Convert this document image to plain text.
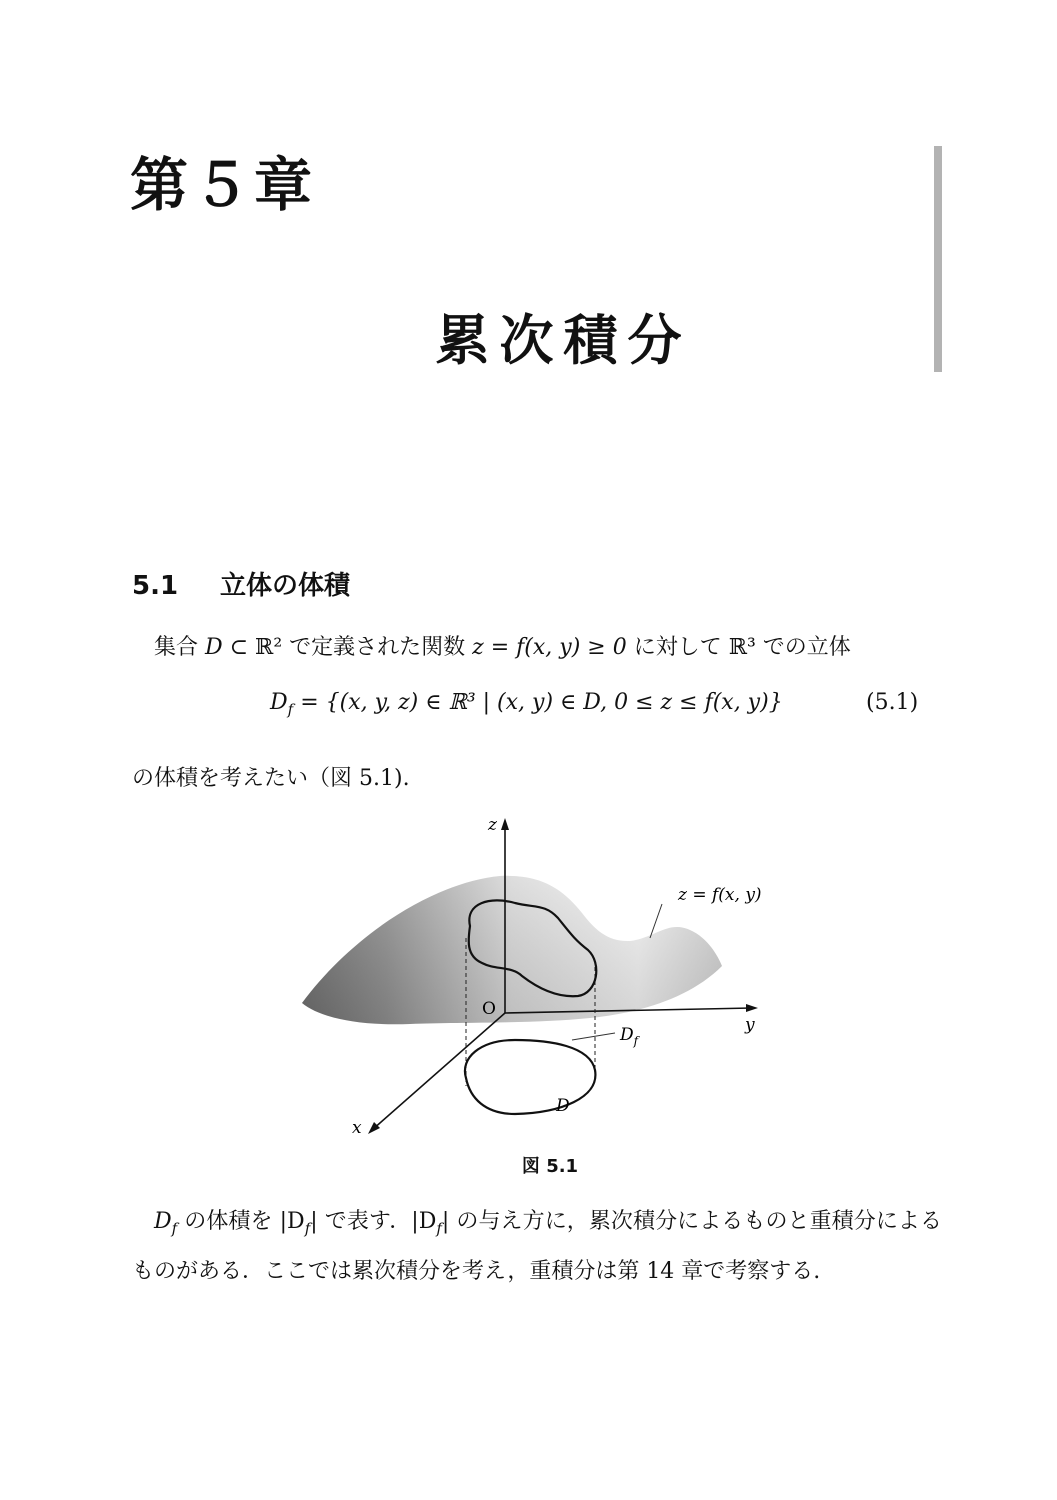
第５章
累次積分
5.1 立体の体積

集合 D ⊂ ℝ² で定義された関数 z = f(x, y) ≥ 0 に対して ℝ³ での立体

$D_f = \{(x$, y, z) ∈ ℝ³ | (x, y) ∈ D, 0 ≤ z ≤ f(x, y)}	(5.1)

の体積を考えたい（図 5.1).

z
y
x
O
z = f(x, y)
$D_f$
D

図 5.1

$D_f$ の体積を $|D_f|$ で表す．$|D_f|$ の与え方に，累次積分によるものと重積分によるものがある．ここでは累次積分を考え，重積分は第 14 章で考察する.
